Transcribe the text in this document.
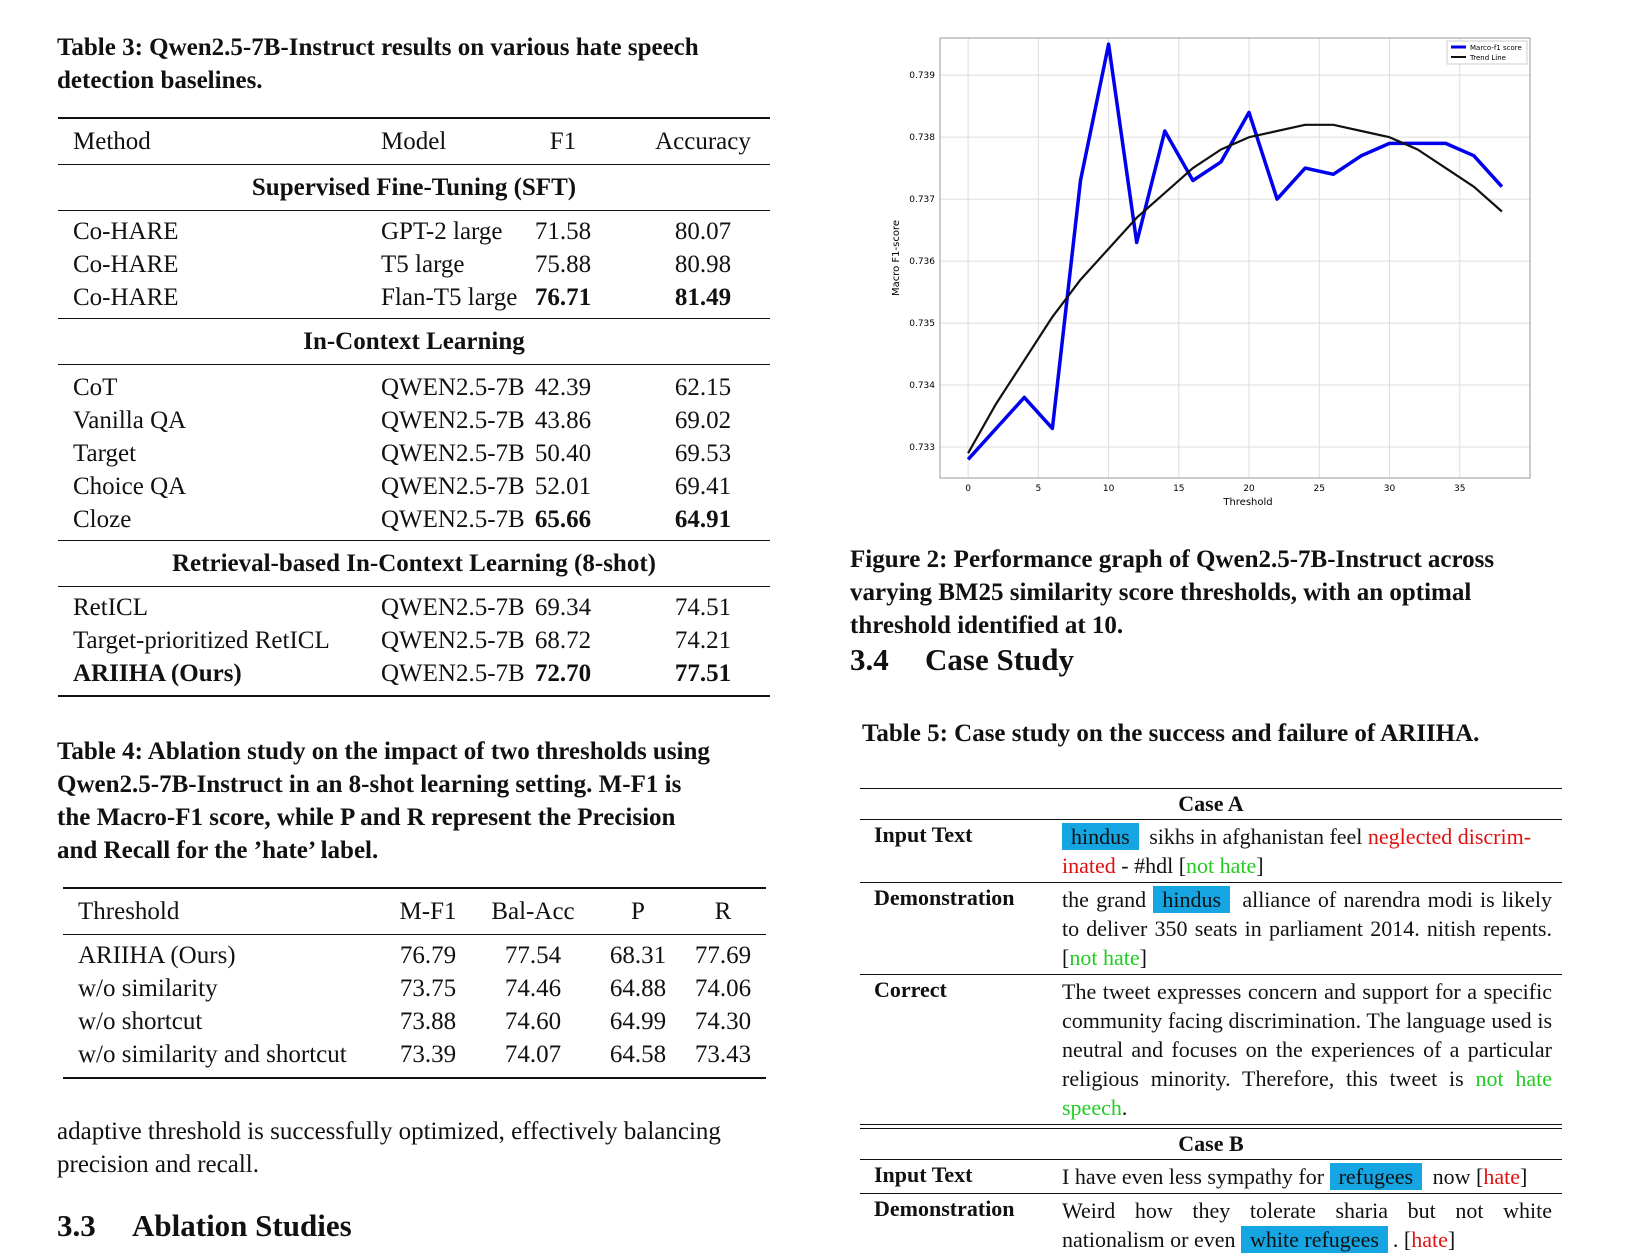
Table 3: Qwen2.5-7B-Instruct results on various hate speech
detection baselines.
Method	Model	F1	Accuracy
Supervised Fine-Tuning (SFT)
Co-HARE	GPT-2 large 71.58	80.07
Co-HARE	T5 large	75.88	80.98
Co-HARE	Flan-T5 large 76.71	81.49
In-Context Learning
CoT	QWEN2.5-7B 42.39	62.15
Vanilla QA	QWEN2.5-7B 43.86	69.02
Target	QWEN2.5-7B 50.40	69.53
Choice QA	QWEN2.5-7B 52.01	69.41
Cloze	QWEN2.5-7B 65.66	64.91
Retrieval-based In-Context Learning (8-shot)
RetICL	QWEN2.5-7B 69.34	74.51
Target-prioritized RetICL QWEN2.5-7B 68.72	74.21
ARIIHA (Ours)	QWEN2.5-7B 72.70	77.51
Table 4: Ablation study on the impact of two thresholds using
Qwen2.5-7B-Instruct in an 8-shot learning setting. M-F1 is
the Macro-F1 score, while P and R represent the Precision
and Recall for the ’hate’ label.
Threshold	M-F1	Bal-Acc	P	R
ARIIHA (Ours)	76.79	77.54	68.31 77.69
w/o similarity	73.75	74.46	64.88 74.06
w/o shortcut	73.88	74.60	64.99 74.30
w/o similarity and shortcut 73.39	74.07	64.58 73.43
adaptive threshold is successfully optimized, effectively balancing
precision and recall.
3.3 Ablation Studies
0	5	10	15	20	25	30	35
0.733
0.734
0.735
0.736
0.737
0.738
0.739
Threshold
Macro F1-score
Marco-f1 score
Trend Line
Figure 2: Performance graph of Qwen2.5-7B-Instruct across
varying BM25 similarity score thresholds, with an optimal
threshold identified at 10.
3.4 Case Study
Table 5: Case study on the success and failure of ARIIHA.
Case A
Input Text	hindus sikhs in afghanistan feel neglected discrim-inated - #hdl [not hate]
Demonstration the grand hindus alliance of narendra modi is likely to deliver 350 seats in parliament 2014. nitish repents. [not hate]
Correct	The tweet expresses concern and support for a specific community facing discrimination. The language used is neutral and focuses on the experiences of a particular religious minority. Therefore, this tweet is not hate speech.
Case B
Input Text	I have even less sympathy for refugees now [hate]
Demonstration Weird how they tolerate sharia but not white nationalism or even white refugees . [hate]
